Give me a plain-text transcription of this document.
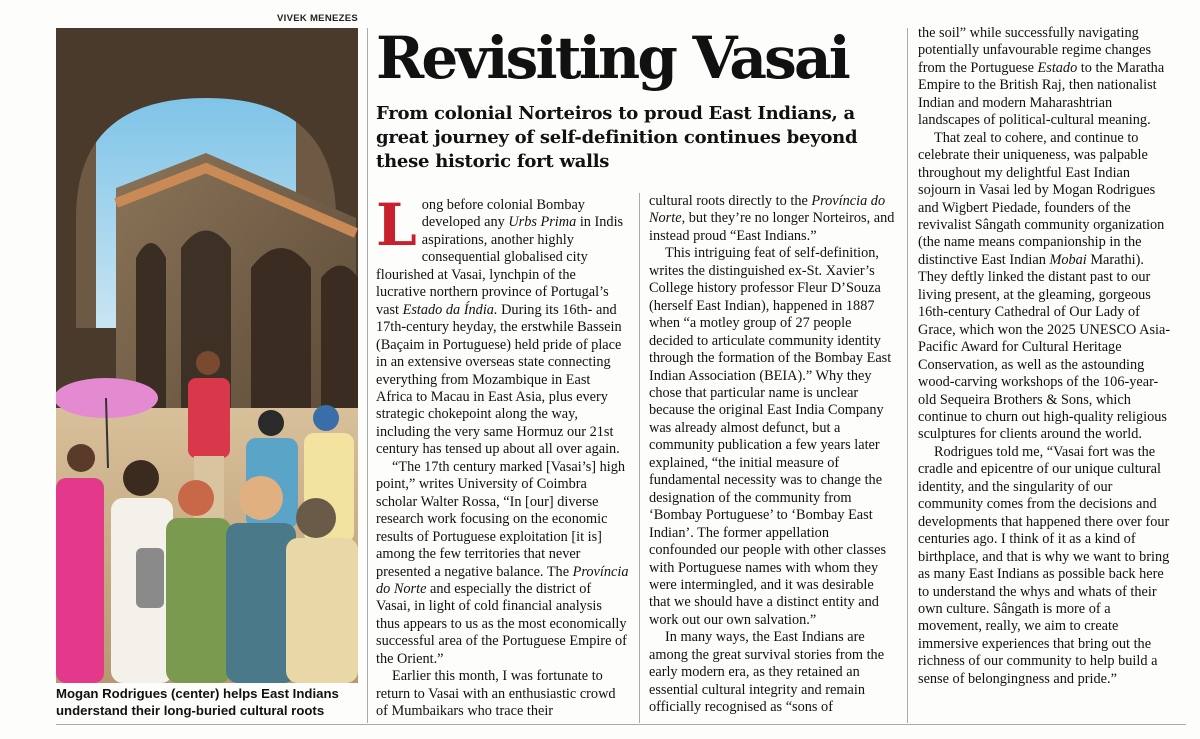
VIVEK MENEZES
Mogan Rodrigues (center) helps East Indians understand their long-buried cultural roots
Revisiting Vasai
From colonial Norteiros to proud East Indians, a great journey of self-definition continues beyond these historic fort walls

Long before colonial Bombay developed any Urbs Prima in Indis aspirations, another highly consequential globalised city flourished at Vasai, lynchpin of the lucrative northern province of Portugal’s vast Estado da Índia. During its 16th- and 17th-century heyday, the erstwhile Bassein (Baçaim in Portuguese) held pride of place in an extensive overseas state connecting everything from Mozambique in East Africa to Macau in East Asia, plus every strategic chokepoint along the way, including the very same Hormuz our 21st century has tensed up about all over again.

“The 17th century marked [Vasai’s] high point,” writes University of Coimbra scholar Walter Rossa, “In [our] diverse research work focusing on the economic results of Portuguese exploitation [it is] among the few territories that never presented a negative balance. The Província do Norte and especially the district of Vasai, in light of cold financial analysis thus appears to us as the most economically successful area of the Portuguese Empire of the Orient.”

Earlier this month, I was fortunate to return to Vasai with an enthusiastic crowd of Mumbaikars who trace their

cultural roots directly to the Província do Norte, but they’re no longer Norteiros, and instead proud “East Indians.”

This intriguing feat of self-definition, writes the distinguished ex-St. Xavier’s College history professor Fleur D’Souza (herself East Indian), happened in 1887 when “a motley group of 27 people decided to articulate community identity through the formation of the Bombay East Indian Association (BEIA).” Why they chose that particular name is unclear because the original East India Company was already almost defunct, but a community publication a few years later explained, “the initial measure of fundamental necessity was to change the designation of the community from ‘Bombay Portuguese’ to ‘Bombay East Indian’. The former appellation confounded our people with other classes with Portuguese names with whom they were intermingled, and it was desirable that we should have a distinct entity and work out our own salvation.”

In many ways, the East Indians are among the great survival stories from the early modern era, as they retained an essential cultural integrity and remain officially recognised as “sons of

the soil” while successfully navigating potentially unfavourable regime changes from the Portuguese Estado to the Maratha Empire to the British Raj, then nationalist Indian and modern Maharashtrian landscapes of political-cultural meaning.

That zeal to cohere, and continue to celebrate their uniqueness, was palpable throughout my delightful East Indian sojourn in Vasai led by Mogan Rodrigues and Wigbert Piedade, founders of the revivalist Sângath community organization (the name means companionship in the distinctive East Indian Mobai Marathi). They deftly linked the distant past to our living present, at the gleaming, gorgeous 16th-century Cathedral of Our Lady of Grace, which won the 2025 UNESCO Asia-Pacific Award for Cultural Heritage Conservation, as well as the astounding wood-carving workshops of the 106-year-old Sequeira Brothers & Sons, which continue to churn out high-quality religious sculptures for clients around the world.

Rodrigues told me, “Vasai fort was the cradle and epicentre of our unique cultural identity, and the singularity of our community comes from the decisions and developments that happened there over four centuries ago. I think of it as a kind of birthplace, and that is why we want to bring as many East Indians as possible back here to understand the whys and whats of their own culture. Sângath is more of a movement, really, we aim to create immersive experiences that bring out the richness of our community to help build a sense of belongingness and pride.”
